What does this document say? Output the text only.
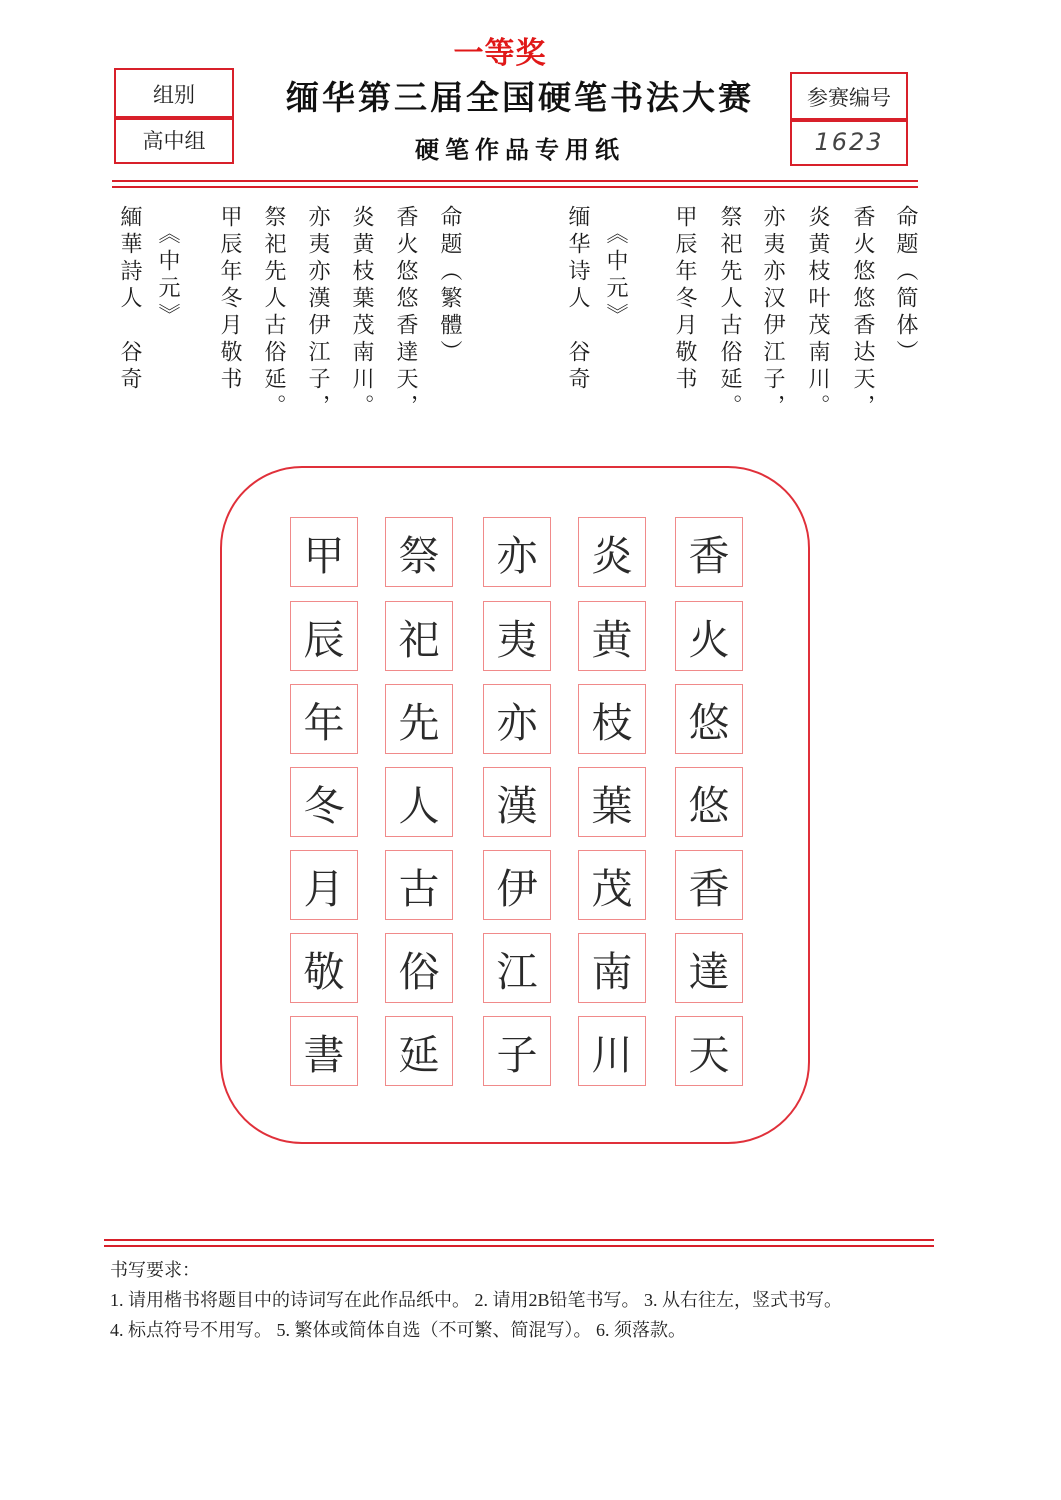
一等奖
组别
高中组
缅华第三届全国硬笔书法大赛
硬笔作品专用纸
参赛编号
1623
命题（简体）
香火悠悠香达天，
炎黄枝叶茂南川。
亦夷亦汉伊江子，
祭祀先人古俗延。
甲辰年冬月敬书
《中元》
缅华诗人　谷奇
命题（繁體）
香火悠悠香達天，
炎黄枝葉茂南川。
亦夷亦漢伊江子，
祭祀先人古俗延。
甲辰年冬月敬书
《中元》
緬華詩人　谷奇
香
火
悠
悠
香
達
天
炎
黄
枝
葉
茂
南
川
亦
夷
亦
漢
伊
江
子
祭
祀
先
人
古
俗
延
甲
辰
年
冬
月
敬
書
书写要求：
1. 请用楷书将题目中的诗词写在此作品纸中。 2. 请用2B铅笔书写。 3. 从右往左，竖式书写。
4. 标点符号不用写。 5. 繁体或简体自选（不可繁、简混写）。 6. 须落款。
